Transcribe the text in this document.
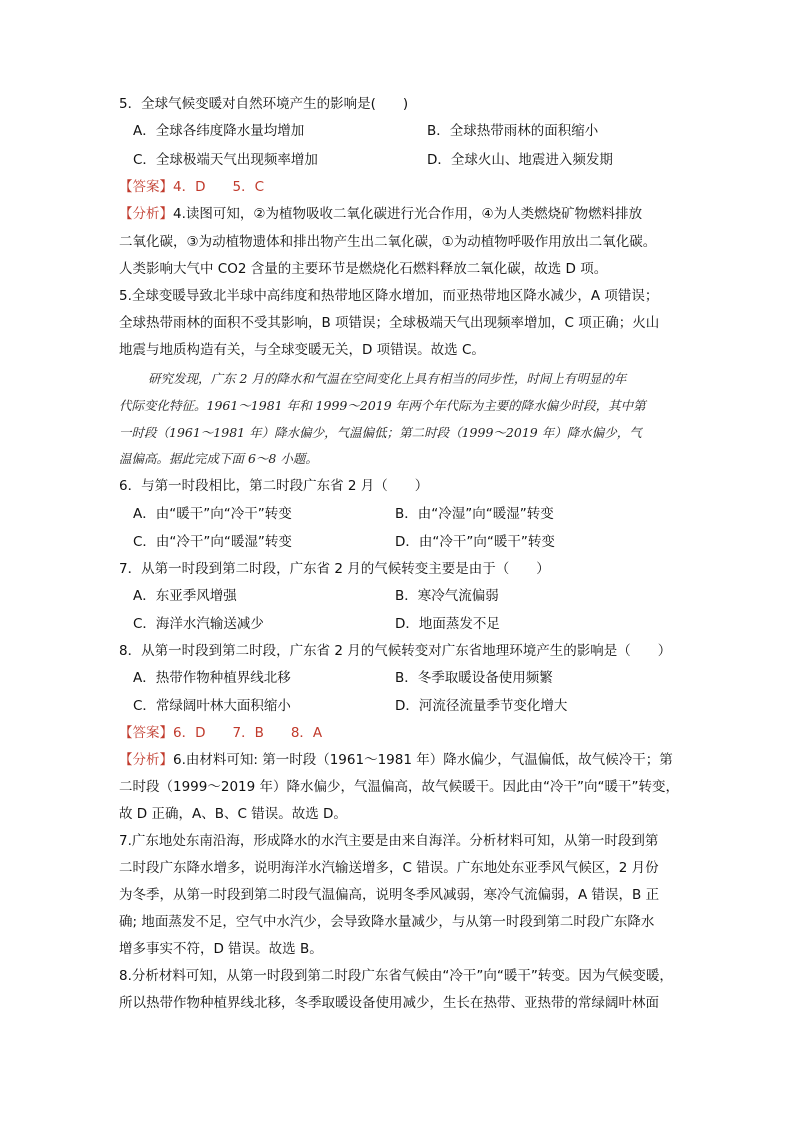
5．全球气候变暖对自然环境产生的影响是(　　)
A．全球各纬度降水量均增加	B．全球热带雨林的面积缩小
C．全球极端天气出现频率增加	D．全球火山、地震进入频发期
【答案】4．D　　5．C
【分析】4.读图可知，②为植物吸收二氧化碳进行光合作用，④为人类燃烧矿物燃料排放
二氧化碳，③为动植物遗体和排出物产生出二氧化碳，①为动植物呼吸作用放出二氧化碳。
人类影响大气中 CO2 含量的主要环节是燃烧化石燃料释放二氧化碳，故选 D 项。
5.全球变暖导致北半球中高纬度和热带地区降水增加，而亚热带地区降水减少，A 项错误；
全球热带雨林的面积不受其影响，B 项错误；全球极端天气出现频率增加，C 项正确；火山
地震与地质构造有关，与全球变暖无关，D 项错误。故选 C。
研究发现，广东 2 月的降水和气温在空间变化上具有相当的同步性，时间上有明显的年
代际变化特征。1961～1981 年和 1999～2019 年两个年代际为主要的降水偏少时段，其中第
一时段（1961～1981 年）降水偏少，气温偏低；第二时段（1999～2019 年）降水偏少，气
温偏高。据此完成下面 6～8 小题。
6．与第一时段相比，第二时段广东省 2 月（　　）
A．由“暖干”向“冷干”转变	B．由“冷湿”向“暖湿”转变
C．由“冷干”向“暖湿”转变	D．由“冷干”向“暖干”转变
7．从第一时段到第二时段，广东省 2 月的气候转变主要是由于（　　）
A．东亚季风增强	B．寒冷气流偏弱
C．海洋水汽输送减少	D．地面蒸发不足
8．从第一时段到第二时段，广东省 2 月的气候转变对广东省地理环境产生的影响是（　　）
A．热带作物种植界线北移	B．冬季取暖设备使用频繁
C．常绿阔叶林大面积缩小	D．河流径流量季节变化增大
【答案】6．D　　7．B　　8．A
【分析】6.由材料可知: 第一时段（1961～1981 年）降水偏少，气温偏低，故气候冷干；第
二时段（1999～2019 年）降水偏少，气温偏高，故气候暖干。因此由“冷干”向“暖干”转变，
故 D 正确，A、B、C 错误。故选 D。
7.广东地处东南沿海，形成降水的水汽主要是由来自海洋。分析材料可知，从第一时段到第
二时段广东降水增多，说明海洋水汽输送增多，C 错误。广东地处东亚季风气候区，2 月份
为冬季，从第一时段到第二时段气温偏高，说明冬季风减弱，寒冷气流偏弱，A 错误，B 正
确; 地面蒸发不足，空气中水汽少，会导致降水量减少，与从第一时段到第二时段广东降水
增多事实不符，D 错误。故选 B。
8.分析材料可知，从第一时段到第二时段广东省气候由“冷干”向“暖干”转变。因为气候变暖，
所以热带作物种植界线北移，冬季取暖设备使用减少，生长在热带、亚热带的常绿阔叶林面
